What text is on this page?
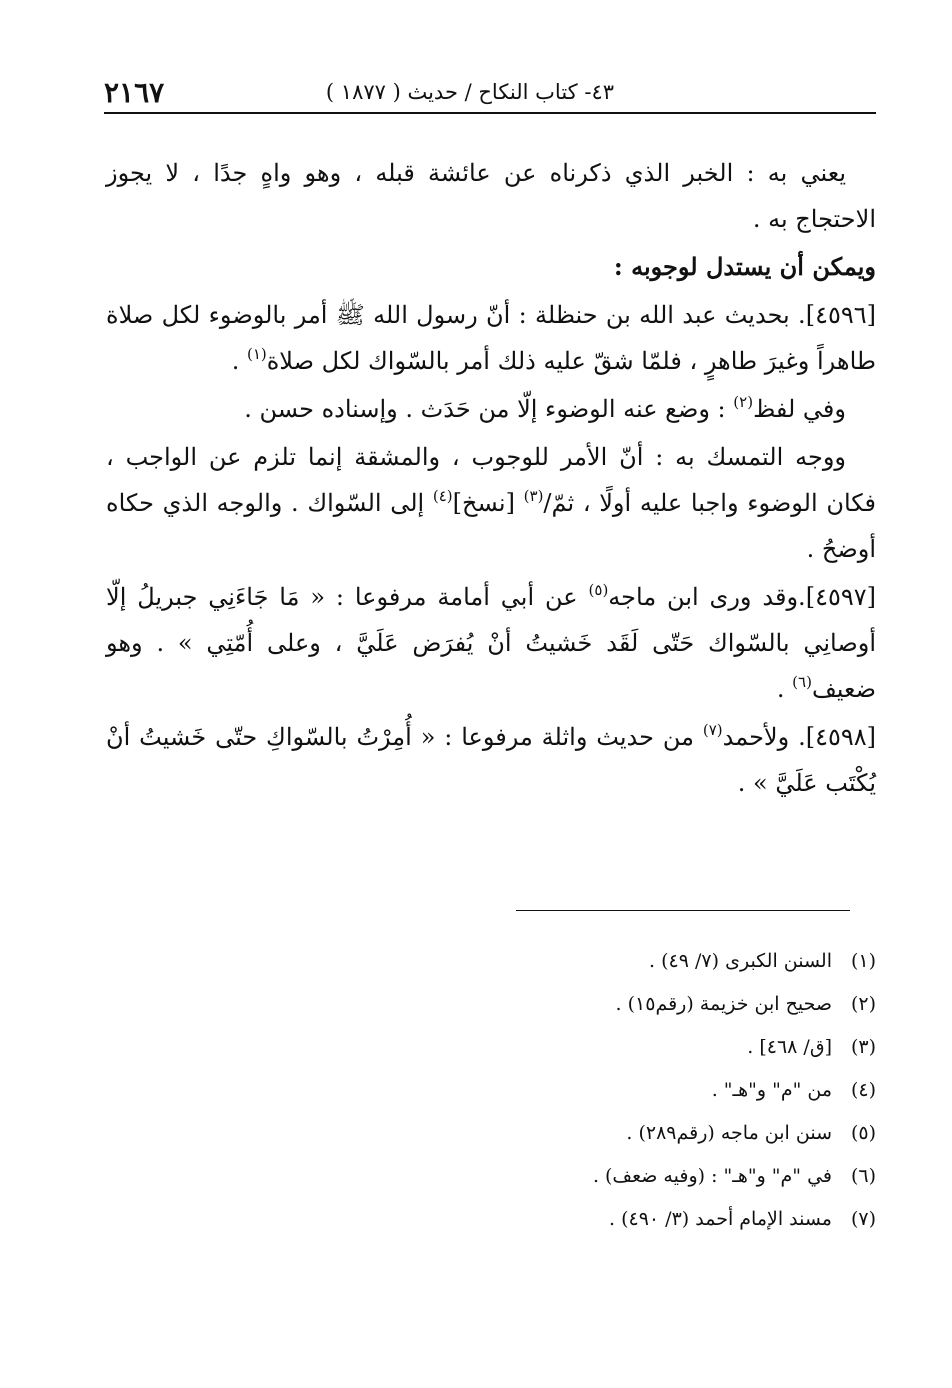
٢١٦٧	٤٣- كتاب النكاح / حديث ( ١٨٧٧ )

يعني به : الخبر الذي ذكرناه عن عائشة قبله ، وهو واهٍ جدًا ، لا يجوز الاحتجاج به .

ويمكن أن يستدل لوجوبه :

[٤٥٩٦]. بحديث عبد الله بن حنظلة : أنّ رسول الله ﷺ أمر بالوضوء لكل صلاة طاهراً وغيرَ طاهرٍ ، فلمّا شقّ عليه ذلك أمر بالسّواك لكل صلاة$^{(١)}$ .

وفي لفظ$^{(٢)}$ : وضع عنه الوضوء إلّا من حَدَث . وإسناده حسن .

ووجه التمسك به : أنّ الأمر للوجوب ، والمشقة إنما تلزم عن الواجب ، فكان الوضوء واجبا عليه أولًا ، ثمّ/$^{(٣)}$ [نسخ]$^{(٤)}$ إلى السّواك . والوجه الذي حكاه أوضحُ .

[٤٥٩٧].وقد ورى ابن ماجه$^{(٥)}$ عن أبي أمامة مرفوعا : « مَا جَاءَنِي جبريلُ إلّا أوصانِي بالسّواك حَتّى لَقَد خَشيتُ أنْ يُفرَض عَلَيَّ ، وعلى أُمّتِي » . وهو ضعيف$^{(٦)}$ .

[٤٥٩٨]. ولأحمد$^{(٧)}$ من حديث واثلة مرفوعا : « أُمِرْتُ بالسّواكِ حتّى خَشيتُ أنْ يُكْتَب عَلَيَّ » .

(١)السنن الكبرى (٧/ ٤٩) .
(٢)صحيح ابن خزيمة (رقم١٥) .
(٣)[ق/ ٤٦٨] .
(٤)من "م" و"هـ" .
(٥)سنن ابن ماجه (رقم٢٨٩) .
(٦)في "م" و"هـ" : (وفيه ضعف) .
(٧)مسند الإمام أحمد (٣/ ٤٩٠) .
